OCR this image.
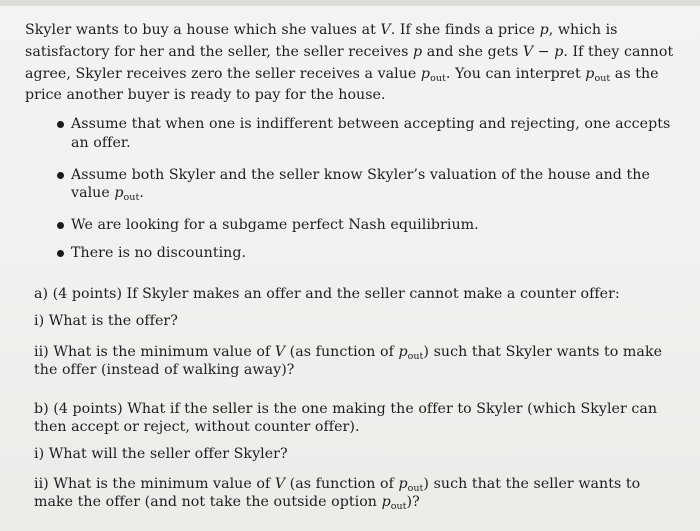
Skyler wants to buy a house which she values at V. If she finds a price p, which is
satisfactory for her and the seller, the seller receives p and she gets V − p. If they cannot
agree, Skyler receives zero the seller receives a value $p_{out}$. You can interpret $p_{out}$ as the
price another buyer is ready to pay for the house.
Assume that when one is indifferent between accepting and rejecting, one accepts
an offer.
Assume both Skyler and the seller know Skyler’s valuation of the house and the
value $p_{out}$.
We are looking for a subgame perfect Nash equilibrium.
There is no discounting.
a) (4 points) If Skyler makes an offer and the seller cannot make a counter offer:
i) What is the offer?
ii) What is the minimum value of V (as function of $p_{out}$) such that Skyler wants to make
the offer (instead of walking away)?
b) (4 points) What if the seller is the one making the offer to Skyler (which Skyler can
then accept or reject, without counter offer).
i) What will the seller offer Skyler?
ii) What is the minimum value of V (as function of $p_{out}$) such that the seller wants to
make the offer (and not take the outside option $p_{out}$)?
